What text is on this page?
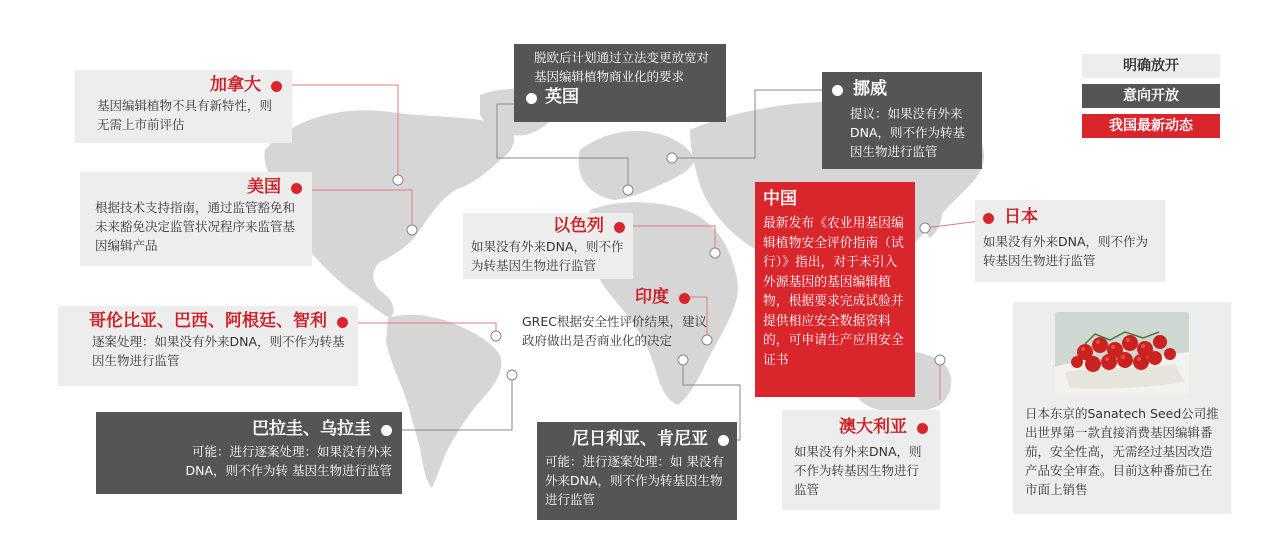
加拿大
基因编辑植物不具有新特性，则无需上市前评估
美国
根据技术支持指南，通过监管豁免和未来豁免决定监管状况程序来监管基因编辑产品
哥伦比亚、巴西、阿根廷、智利
逐案处理：如果没有外来DNA，则不作为转基因生物进行监管
巴拉圭、乌拉圭
可能：进行逐案处理：如果没有外来
DNA，则不作为转 基因生物进行监管
脱欧后计划通过立法变更放宽对基因编辑植物商业化的要求
英国
以色列
如果没有外来DNA，则不作为转基因生物进行监管
印度
GREC根据安全性评价结果，建议政府做出是否商业化的决定
尼日利亚、肯尼亚
可能：进行逐案处理：如 果没有外来DNA，则不作为转基因生物进行监管
挪威
提议：如果没有外来DNA，则不作为转基因生物进行监管
中国
最新发布《农业用基因编辑植物安全评价指南（试行）》指出，对于未引入外源基因的基因编辑植物，根据要求完成试验并提供相应安全数据资料的，可申请生产应用安全证书
日本
如果没有外来DNA，则不作为转基因生物进行监管
澳大利亚
如果没有外来DNA，则不作为转基因生物进行监管
日本东京的Sanatech Seed公司推出世界第一款直接消费基因编辑番茄，安全性高，无需经过基因改造产品安全审查。目前这种番茄已在市面上销售
明确放开
意向开放
我国最新动态
